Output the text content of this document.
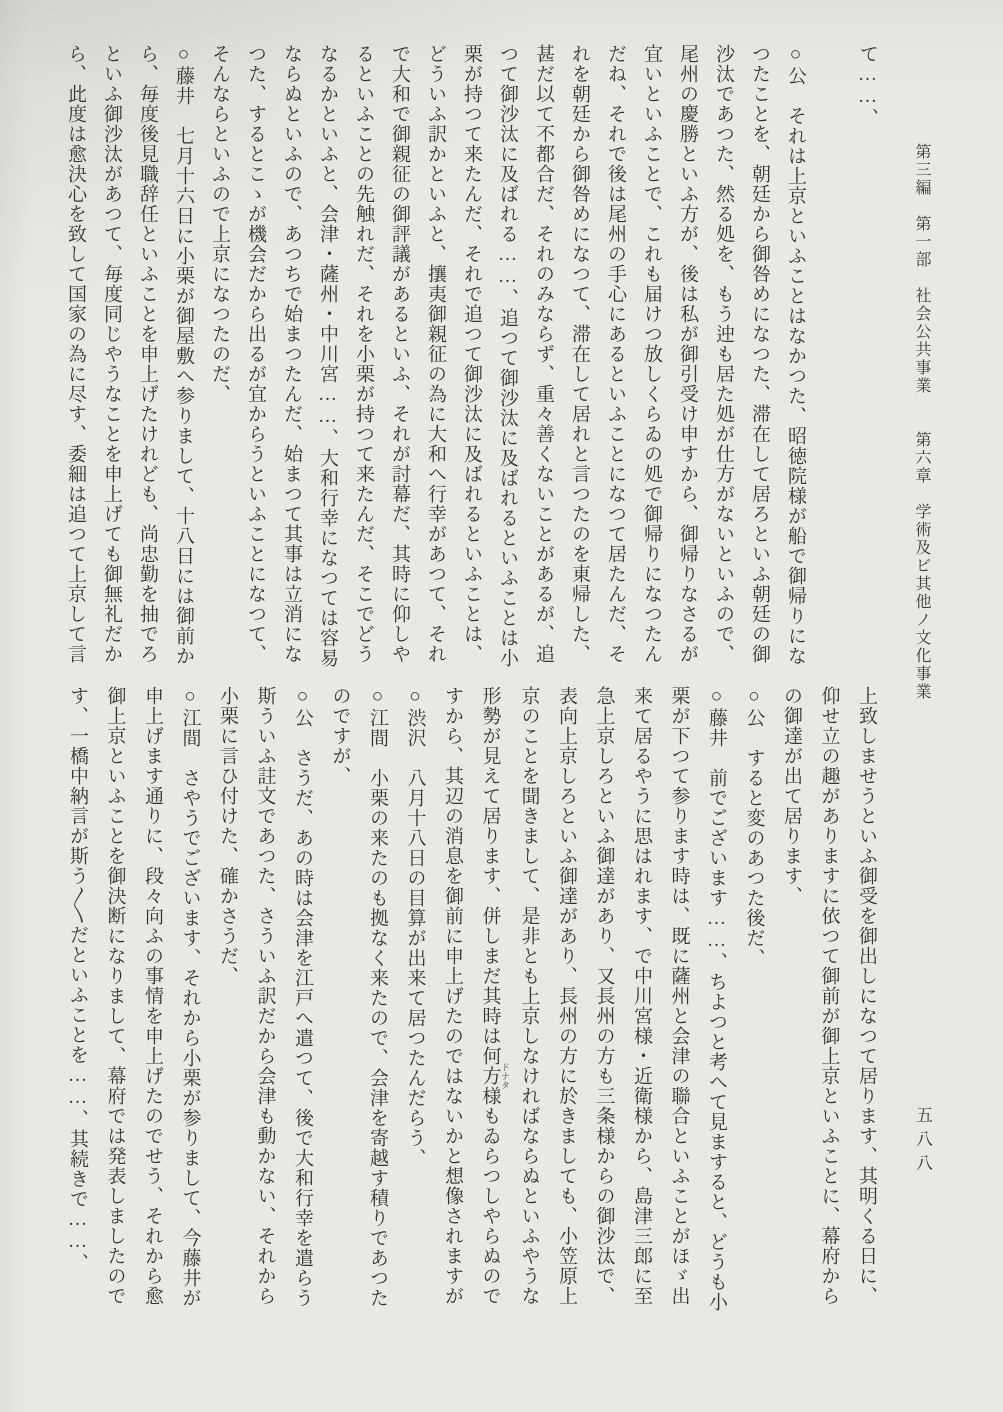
第三編　第一部　社会公共事業　　第六章　学術及ビ其他ノ文化事業
五八八
て……、

○公　それは上京といふことはなかつた、昭徳院様が船で御帰りにな
つたことを、朝廷から御咎めになつた、滞在して居ろといふ朝廷の御
沙汰であつた、然る処を、もう迚も居た処が仕方がないといふので、
尾州の慶勝といふ方が、後は私が御引受け申すから、御帰りなさるが
宜いといふことで、これも届けつ放しくらゐの処で御帰りになつたん
だね、それで後は尾州の手心にあるといふことになつて居たんだ、そ
れを朝廷から御咎めになつて、滞在して居れと言つたのを東帰した、
甚だ以て不都合だ、それのみならず、重々善くないことがあるが、追
つて御沙汰に及ばれる……、追つて御沙汰に及ばれるといふことは小
栗が持つて来たんだ、それで追つて御沙汰に及ばれるといふことは、
どういふ訳かといふと、攘夷御親征の為に大和へ行幸があつて、それ
で大和で御親征の御評議があるといふ、それが討幕だ、其時に仰しや
るといふことの先触れだ、それを小栗が持つて来たんだ、そこでどう
なるかといふと、会津・薩州・中川宮……、大和行幸になつては容易
ならぬといふので、あつちで始まつたんだ、始まつて其事は立消にな
つた、するとこゝが機会だから出るが宜からうといふことになつて、
そんならといふので上京になつたのだ、
○藤井　七月十六日に小栗が御屋敷へ参りまして、十八日には御前か
ら、毎度後見職辞任といふことを申上げたけれども、尚忠勤を抽でろ
といふ御沙汰があつて、毎度同じやうなことを申上げても御無礼だか
ら、此度は愈決心を致して国家の為に尽す、委細は追つて上京して言
上致しませうといふ御受を御出しになつて居ります、其明くる日に、
仰せ立の趣がありますに依つて御前が御上京といふことに、幕府から
の御達が出て居ります、
○公　すると変のあつた後だ、
○藤井　前でございます……、ちよつと考へて見ますると、どうも小
栗が下つて参ります時は、既に薩州と会津の聯合といふことがほゞ出
来て居るやうに思はれます、で中川宮様・近衛様から、島津三郎に至
急上京しろといふ御達があり、又長州の方も三条様からの御沙汰で、
表向上京しろといふ御達があり、長州の方に於きましても、小笠原上
京のことを聞きまして、是非とも上京しなければならぬといふやうな
形勢が見えて居ります、併しまだ其時は何方様 ドナタもゐらつしやらぬので
すから、其辺の消息を御前に申上げたのではないかと想像されますが
○渋沢　八月十八日の目算が出来て居つたんだらう、
○江間　小栗の来たのも拠なく来たので、会津を寄越す積りであつた
のですが、
○公　さうだ、あの時は会津を江戸へ遣つて、後で大和行幸を遣らう
斯ういふ註文であつた、さういふ訳だから会津も動かない、それから
小栗に言ひ付けた、確かさうだ、
○江間　さやうでございます、それから小栗が参りまして、今藤井が
申上げます通りに、段々向ふの事情を申上げたのでせう、それから愈
御上京といふことを御決断になりまして、幕府では発表しましたので
す、一橋中納言が斯う〱だといふことを……、其続きで……、
